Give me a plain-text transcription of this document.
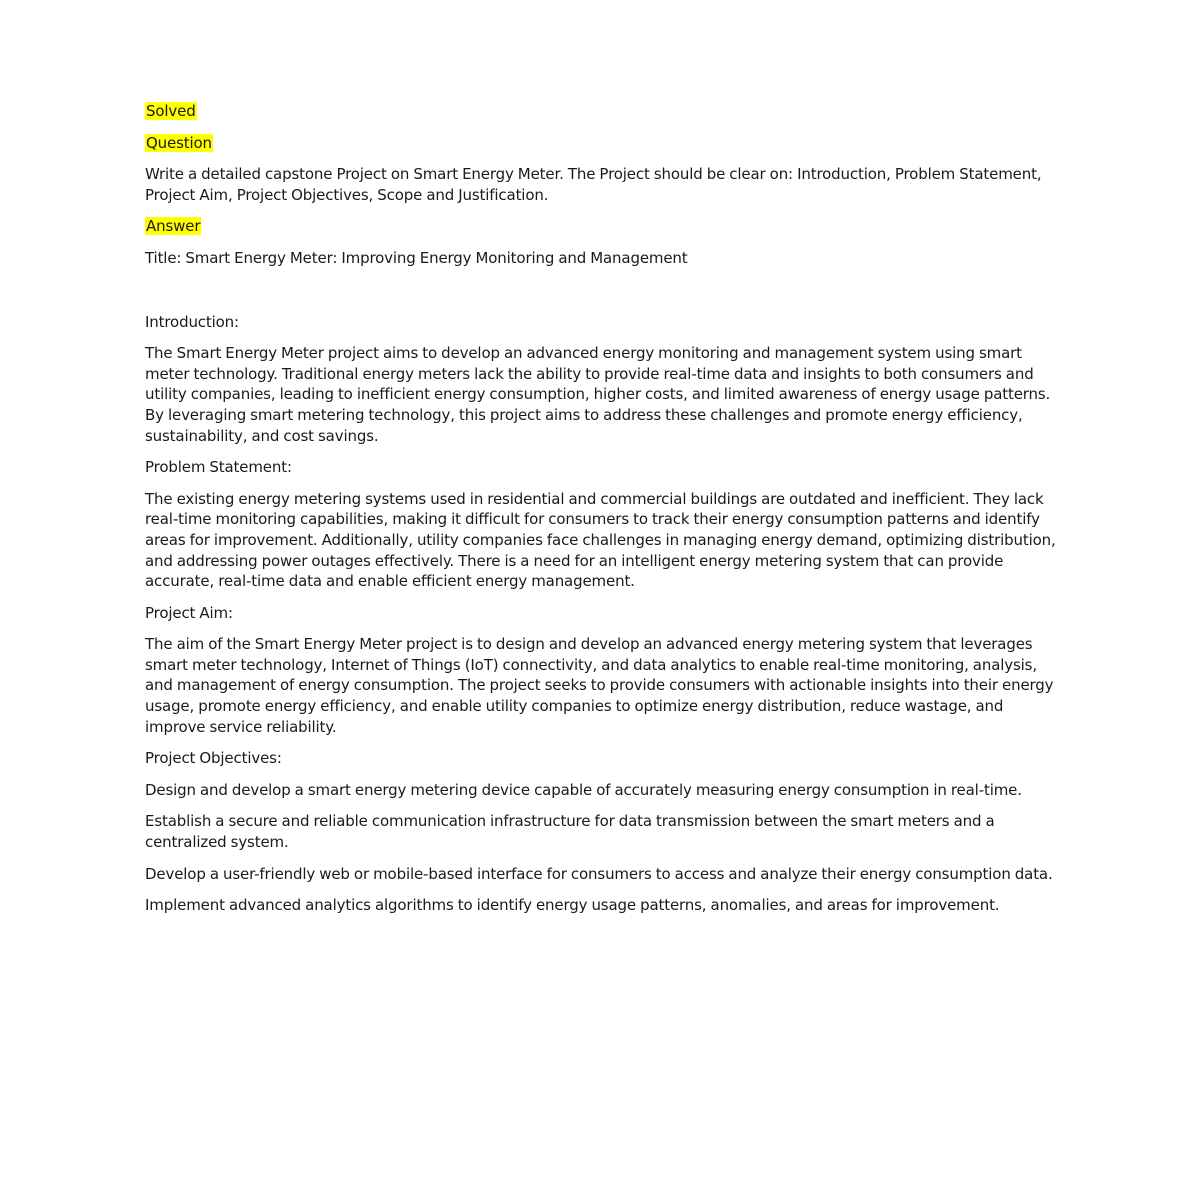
Solved

Question

Write a detailed capstone Project on Smart Energy Meter. The Project should be clear on: Introduction, Problem Statement, Project Aim, Project Objectives, Scope and Justification.

Answer

Title: Smart Energy Meter: Improving Energy Monitoring and Management

Introduction:

The Smart Energy Meter project aims to develop an advanced energy monitoring and management system using smart meter technology. Traditional energy meters lack the ability to provide real-time data and insights to both consumers and utility companies, leading to inefficient energy consumption, higher costs, and limited awareness of energy usage patterns. By leveraging smart metering technology, this project aims to address these challenges and promote energy efficiency, sustainability, and cost savings.

Problem Statement:

The existing energy metering systems used in residential and commercial buildings are outdated and inefficient. They lack real-time monitoring capabilities, making it difficult for consumers to track their energy consumption patterns and identify areas for improvement. Additionally, utility companies face challenges in managing energy demand, optimizing distribution, and addressing power outages effectively. There is a need for an intelligent energy metering system that can provide accurate, real-time data and enable efficient energy management.

Project Aim:

The aim of the Smart Energy Meter project is to design and develop an advanced energy metering system that leverages smart meter technology, Internet of Things (IoT) connectivity, and data analytics to enable real-time monitoring, analysis, and management of energy consumption. The project seeks to provide consumers with actionable insights into their energy usage, promote energy efficiency, and enable utility companies to optimize energy distribution, reduce wastage, and improve service reliability.

Project Objectives:

Design and develop a smart energy metering device capable of accurately measuring energy consumption in real-time.

Establish a secure and reliable communication infrastructure for data transmission between the smart meters and a centralized system.

Develop a user-friendly web or mobile-based interface for consumers to access and analyze their energy consumption data.

Implement advanced analytics algorithms to identify energy usage patterns, anomalies, and areas for improvement.
